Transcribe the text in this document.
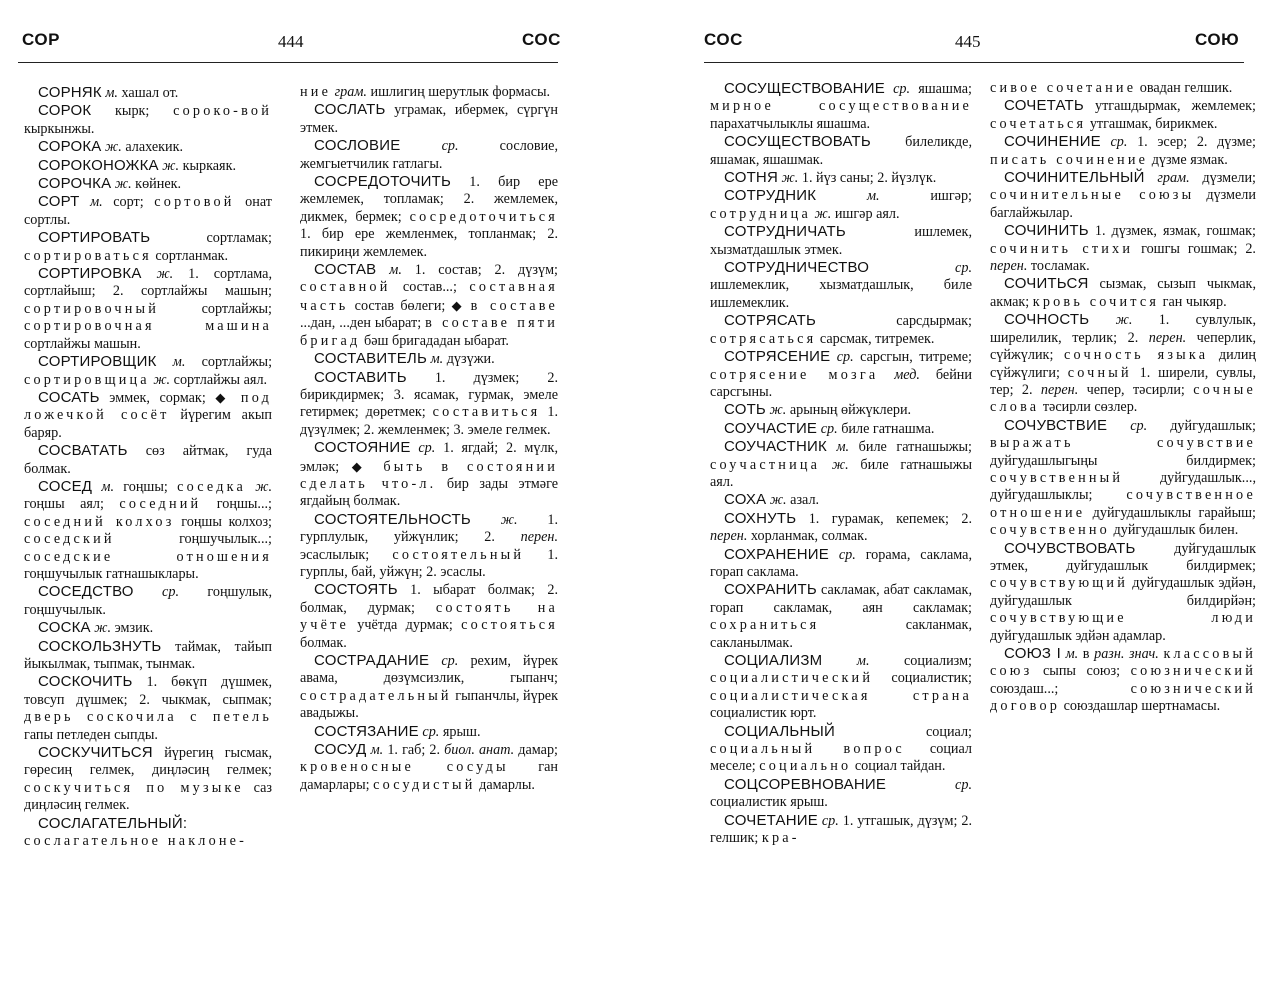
СОР	444	СОС

СОРНЯК м. хашал от.

СОРОК кырк; сороко-вой кыркынжы.

СОРОКА ж. алахекик.

СОРОКОНОЖКА ж. кыркаяк.

СОРОЧКА ж. көйнек.

СОРТ м. сорт; сортовой онат сортлы.

СОРТИРОВАТЬ сортламак; сортироваться сортланмак.

СОРТИРОВКА ж. 1. сортлама, сортлайыш; 2. сортлайжы машын; сортировочный сортлайжы; сортировочная машина сортлайжы машын.

СОРТИРОВЩИК м. сортлайжы; сортировщица ж. сортлайжы аял.

СОСАТЬ эммек, сормак; ◆ под ложечкой сосёт йүрегим акып баряр.

СОСВАТАТЬ сөз айтмак, гуда болмак.

СОСЕД м. гоңшы; соседка ж. гоңшы аял; соседний гоңшы...; соседний колхоз гоңшы колхоз; соседский гоңшучылык...; соседские отношения гоңшучылык гатнашыклары.

СОСЕДСТВО ср. гоңшулык, гоңшучылык.

СОСКА ж. эмзик.

СОСКОЛЬЗНУТЬ таймак, тайып йыкылмак, тыпмак, тынмак.

СОСКОЧИТЬ 1. бөкүп дүшмек, товсуп дүшмек; 2. чыкмак, сыпмак; дверь соскочила с петель гапы петледен сыпды.

СОСКУЧИТЬСЯ йүрегиң гысмак, гөресиң гелмек, диңләсиң гелмек; соскучиться по музыке саз диңләсиң гелмек.

СОСЛАГАТЕЛЬНЫЙ: сослагательное наклоне-

ние грам. ишлигиң шерутлык формасы.

СОСЛАТЬ уграмак, ибермек, сүргүн этмек.

СОСЛОВИЕ	ср. сословие, жемгыетчилик гатлагы.

СОСРЕДОТОЧИТЬ 1. бир ере жемлемек, топламак; 2. жемлемек, дикмек, бермек; сосредоточиться 1. бир ере жемленмек, топланмак; 2. пикириңи жемлемек.

СОСТАВ м. 1. состав; 2. дүзүм; составной состав...; составная часть состав бөлеги; ◆ в составе ...дан, ...ден ыбарат; в составе пяти бригад бәш бригададан ыбарат.

СОСТАВИТЕЛЬ м. дүзүжи.

СОСТАВИТЬ 1. дүзмек; 2. бирикдирмек; 3. ясамак, гурмак, эмеле гетирмек; дөретмек; составиться 1. дүзүлмек; 2. жемленмек; 3. эмеле гелмек.

СОСТОЯНИЕ ср. 1. ягдай; 2. мүлк, эмләк; ◆ быть в состоянии сделать что-л. бир зады этмәге ягдайың болмак.

СОСТОЯТЕЛЬНОСТЬ ж. 1. гурплулык, уйжүнлик; 2. перен. эсаслылык; состоятельный 1. гурплы, бай, уйжүн; 2. эсаслы.

СОСТОЯТЬ 1. ыбарат болмак; 2. болмак, дурмак; состоять на учёте учётда дурмак; состояться болмак.

СОСТРАДАНИЕ ср. рехим, йүрек авама, дөзүмсизлик, гыпанч; сострадательный гыпанчлы, йүрек авадыжы.

СОСТЯЗАНИЕ ср. ярыш.

СОСУД м. 1. габ; 2. биол. анат. дамар; кровеносные сосуды ган дамарлары; сосудистый дамарлы.

СОС	445	СОЮ

СОСУЩЕСТВОВАНИЕ ср. яшашма; мирное сосуществование парахатчылыклы яшашма.

СОСУЩЕСТВОВАТЬ билеликде, яшамак, яшашмак.

СОТНЯ ж. 1. йүз саны; 2. йүзлүк.

СОТРУДНИК	м. ишгәр; сотрудница ж. ишгәр аял.

СОТРУДНИЧАТЬ ишлемек, хызматдашлык этмек.

СОТРУДНИЧЕСТВО	ср. ишлемеклик, хызматдашлык, биле ишлемеклик.

СОТРЯСАТЬ сарсдырмак; сотрясаться сарсмак, титремек.

СОТРЯСЕНИЕ ср. сарсгын, титреме; сотрясение мозга мед. бейни сарсгыны.

СОТЬ ж. арының өйжүклери.

СОУЧАСТИЕ ср. биле гатнашма.

СОУЧАСТНИК м. биле гатнашыжы; соучастница ж. биле гатнашыжы аял.

СОХА ж. азал.

СОХНУТЬ 1. гурамак, кепемек; 2. перен. хорланмак, солмак.

СОХРАНЕНИЕ ср. горама, саклама, горап саклама.

СОХРАНИТЬ сакламак, абат сакламак, горап сакламак, аян сакламак; сохраниться сакланмак, сакланылмак.

СОЦИАЛИЗМ м. социализм; социалистический социалистик; социалистическая страна социалистик юрт.

СОЦИАЛЬНЫЙ социал; социальный вопрос социал меселе; социально социал тайдан.

СОЦСОРЕВНОВАНИЕ	ср. социалистик ярыш.

СОЧЕТАНИЕ ср. 1. утгашык, дүзүм; 2. гелшик; кра-

сивое сочетание овадан гелшик.

СОЧЕТАТЬ утгашдырмак, жемлемек; сочетаться утгашмак, бирикмек.

СОЧИНЕНИЕ ср. 1. эсер; 2. дүзме; писать сочинение дүзме язмак.

СОЧИНИТЕЛЬНЫЙ грам. дүзмели; сочинительные союзы дүзмели баглайжылар.

СОЧИНИТЬ 1. дүзмек, язмак, гошмак; сочинить стихи гошгы гошмак; 2. перен. тосламак.

СОЧИТЬСЯ сызмак, сызып чыкмак, акмак; кровь сочится ган чыкяр.

СОЧНОСТЬ ж. 1. сувлулык, ширелилик, терлик; 2. перен. чеперлик, сүйжүлик; сочность языка дилиң сүйжүлиги; сочный 1. ширели, сувлы, тер; 2. перен. чепер, тәсирли; сочные слова тәсирли сөзлер.

СОЧУВСТВИЕ ср. дуйгудашлык; выражать сочувствие дуйгудашлыгыңы билдирмек; сочувственный дуйгудашлык..., дуйгудашлыклы; сочувственное отношение дуйгудашлыклы гарайыш; сочувственно дуйгудашлык билен.

СОЧУВСТВОВАТЬ дуйгудашлык этмек, дуйгудашлык билдирмек; сочувствующий дуйгудашлык эдйән, дуйгудашлык билдирйән; сочувствующие люди дуйгудашлык эдйән адамлар.

СОЮЗ I м. в разн. знач. классовый союз сыпы союз; союзнический союздаш...; союзнический договор союздашлар шертнамасы.
